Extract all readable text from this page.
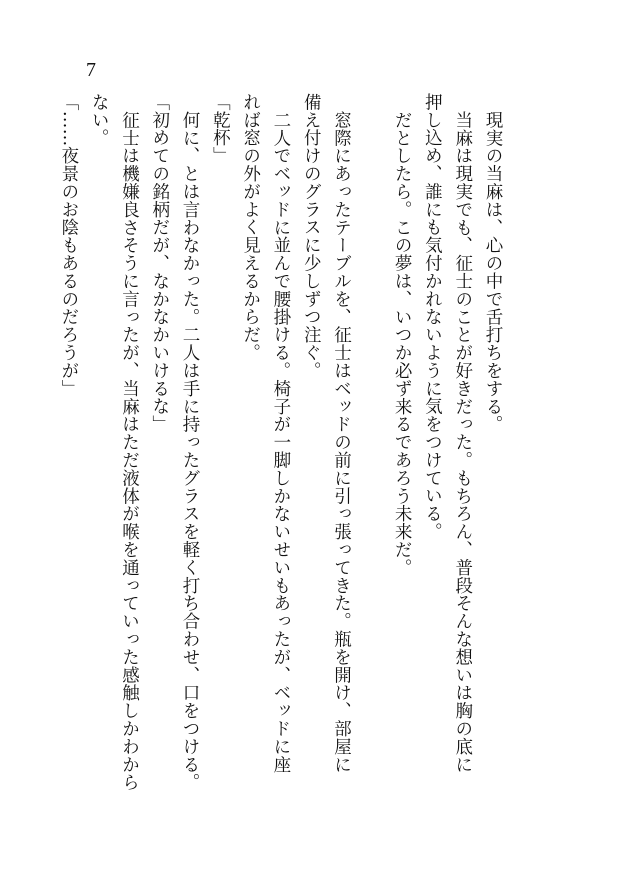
7
現実の当麻は、心の中で舌打ちをする。
当麻は現実でも、征士のことが好きだった。もちろん、普段そんな想いは胸の底に
押し込め、誰にも気付かれないように気をつけている。
だとしたら。この夢は、いつか必ず来るであろう未来だ。
窓際にあったテーブルを、征士はベッドの前に引っ張ってきた。瓶を開け、部屋に
備え付けのグラスに少しずつ注ぐ。
二人でベッドに並んで腰掛ける。椅子が一脚しかないせいもあったが、ベッドに座
れば窓の外がよく見えるからだ。
「乾杯」
何に、とは言わなかった。二人は手に持ったグラスを軽く打ち合わせ、口をつける。
「初めての銘柄だが、なかなかいけるな」
征士は機嫌良さそうに言ったが、当麻はただ液体が喉を通っていった感触しかわから
ない。
「……夜景のお陰もあるのだろうが」
